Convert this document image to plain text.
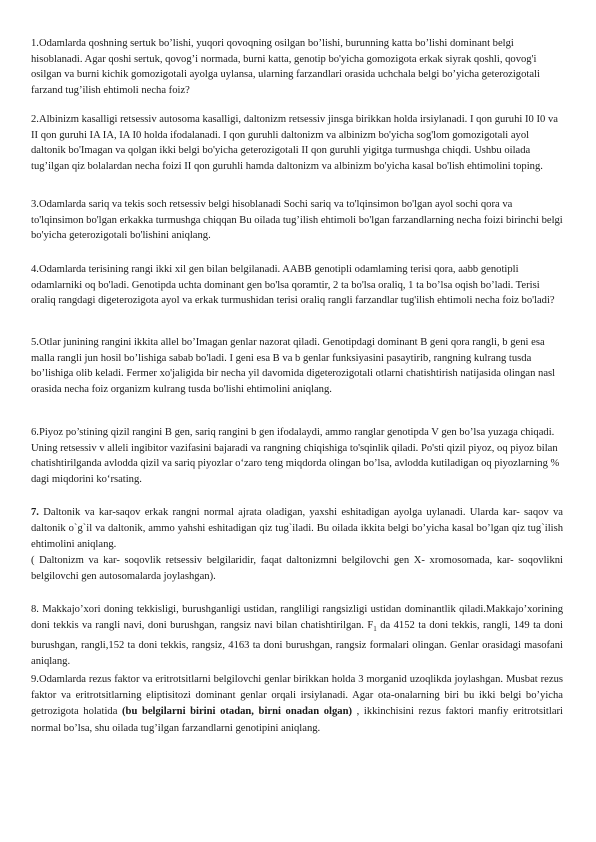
1.Odamlarda qoshning sertuk bo’lishi, yuqori qovoqning osilgan bo’lishi, burunning katta bo’lishi dominant belgi hisoblanadi. Agar qoshi sertuk, qovog’i normada, burni katta, genotip bo'yicha gomozigota erkak siyrak qoshli, qovog'i osilgan va burni kichik gomozigotali ayolga uylansa, ularning farzandlari orasida uchchala belgi bo’yicha geterozigotali farzand tug’ilish ehtimoli necha foiz?

2.Albinizm kasalligi retsessiv autosoma kasalligi, daltonizm retsessiv jinsga birikkan holda irsiylanadi. I qon guruhi I0 I0 va II qon guruhi IA IA, IA I0 holda ifodalanadi. I qon guruhli daltonizm va albinizm bo'yicha sog'lom gomozigotali ayol daltonik bo'Imagan va qolgan ikki belgi bo'yicha geterozigotali II qon guruhli yigitga turmushga chiqdi. Ushbu oilada tug’ilgan qiz bolalardan necha foizi II qon guruhli hamda daltonizm va albinizm bo'yicha kasal bo'lish ehtimolini toping.

3.Odamlarda sariq va tekis soch retsessiv belgi hisoblanadi Sochi sariq va to'lqinsimon bo'lgan ayol sochi qora va to'lqinsimon bo'lgan erkakka turmushga chiqqan Bu oilada tug’ilish ehtimoli bo'lgan farzandlarning necha foizi birinchi belgi bo'yicha geterozigotali bo'lishini aniqlang.

4.Odamlarda terisining rangi ikki xil gen bilan belgilanadi. AABB genotipli odamlaming terisi qora, aabb genotipli odamlarniki oq bo'ladi. Genotipda uchta dominant gen bo'lsa qoramtir, 2 ta bo'lsa oraliq, 1 ta bo’lsa oqish bo’ladi. Terisi oraliq rangdagi digeterozigota ayol va erkak turmushidan terisi oraliq rangli farzandlar tug'ilish ehtimoli necha foiz bo'ladi?

5.Otlar junining rangini ikkita allel bo’Imagan genlar nazorat qiladi. Genotipdagi dominant B geni qora rangli, b geni esa malla rangli jun hosil bo’lishiga sabab bo'ladi. I geni esa B va b genlar funksiyasini pasaytirib, rangning kulrang tusda bo’lishiga olib keladi. Fermer xo'jaligida bir necha yil davomida digeterozigotali otlarni chatishtirish natijasida olingan nasl orasida necha foiz organizm kulrang tusda bo'lishi ehtimolini aniqlang.

6.Piyoz po’stining qizil rangini B gen, sariq rangini b gen ifodalaydi, ammo ranglar genotipda V gen bo’lsa yuzaga chiqadi. Uning retsessiv v alleli ingibitor vazifasini bajaradi va rangning chiqishiga to'sqinlik qiladi. Po'sti qizil piyoz, oq piyoz bilan chatishtirilganda avlodda qizil va sariq piyozlar o‘zaro teng miqdorda olingan bo’lsa, avlodda kutiladigan oq piyozlarning % dagi miqdorini ko‘rsating.

7. Daltonik va kar-saqov erkak rangni normal ajrata oladigan, yaxshi eshitadigan ayolga uylanadi. Ularda kar- saqov va daltonik o`g`il va daltonik, ammo yahshi eshitadigan qiz tug`iladi. Bu oilada ikkita belgi bo’yicha kasal bo’lgan qiz tug`ilish ehtimolini aniqlang.

( Daltonizm va kar- soqovlik retsessiv belgilaridir, faqat daltonizmni belgilovchi gen X- xromosomada, kar- soqovlikni belgilovchi gen autosomalarda joylashgan).

8. Makkajo’xori doning tekkisligi, burushganligi ustidan, rangliligi rangsizligi ustidan dominantlik qiladi.Makkajo’xorining doni tekkis va rangli navi, doni burushgan, rangsiz navi bilan chatishtirilgan. $F_1$ da 4152 ta doni tekkis, rangli, 149 ta doni burushgan, rangli,152 ta doni tekkis, rangsiz, 4163 ta doni burushgan, rangsiz formalari olingan. Genlar orasidagi masofani aniqlang.

9.Odamlarda rezus faktor va eritrotsitlarni belgilovchi genlar birikkan holda 3 morganid uzoqlikda joylashgan. Musbat rezus faktor va eritrotsitlarning eliptisitozi dominant genlar orqali irsiylanadi. Agar ota-onalarning biri bu ikki belgi bo’yicha getrozigota holatida (bu belgilarni birini otadan, birni onadan olgan) , ikkinchisini rezus faktori manfiy eritrotsitlari normal bo’lsa, shu oilada tug’ilgan farzandlarni genotipini aniqlang.
